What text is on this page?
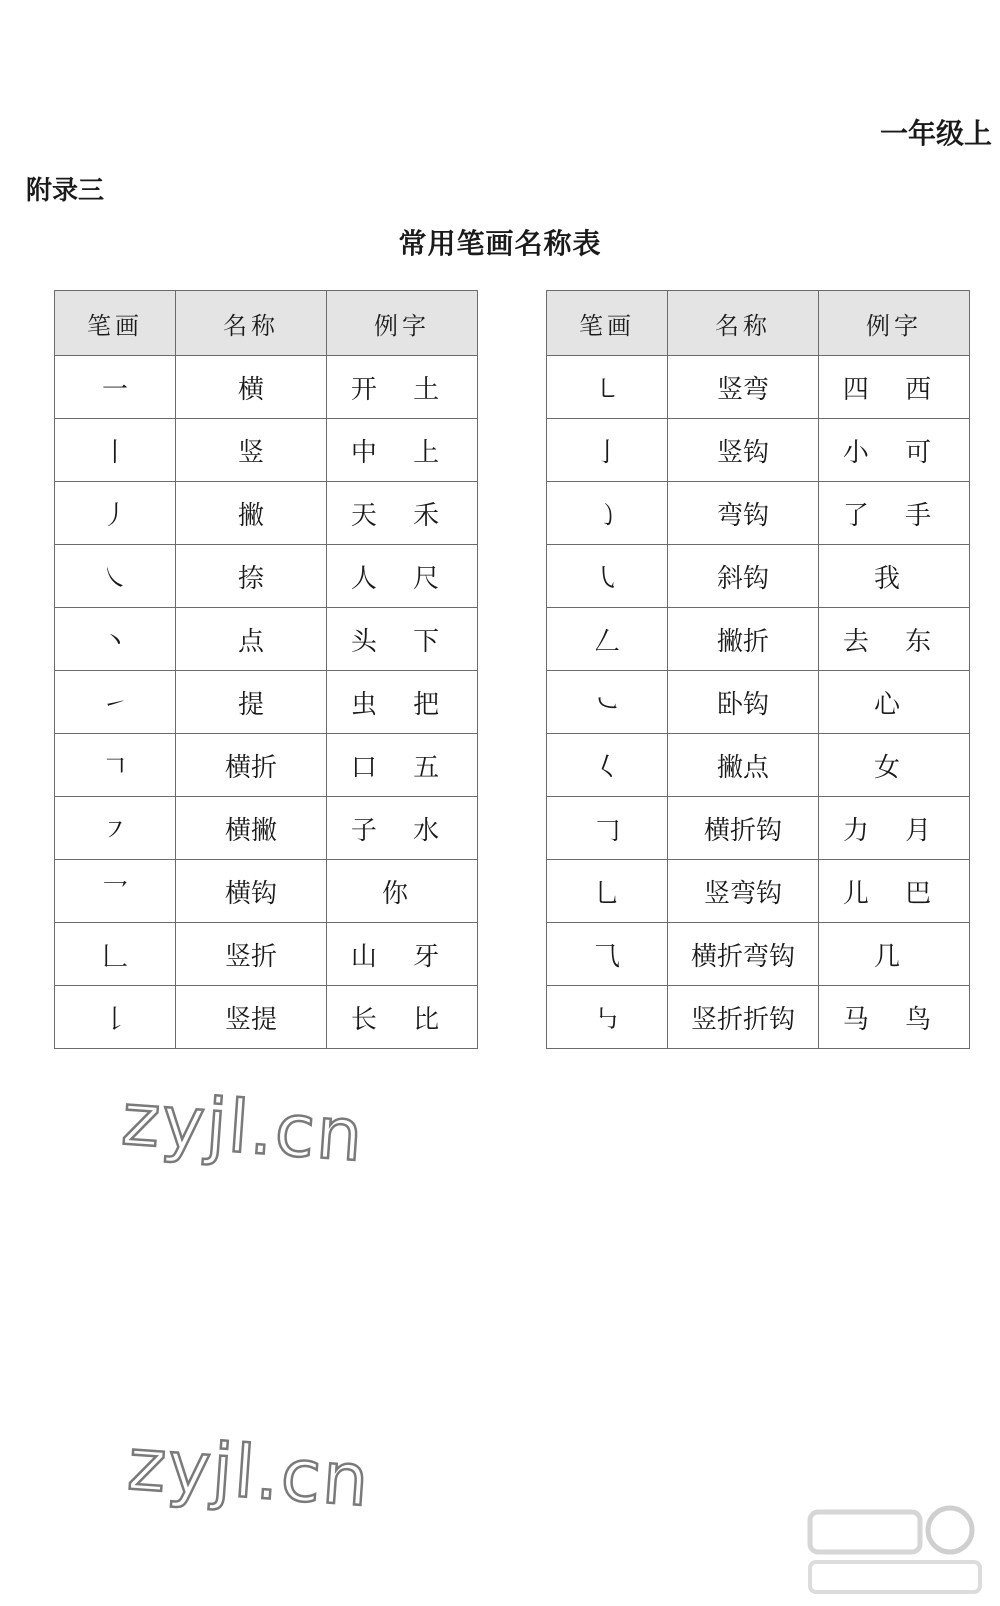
一年级上
附录三
常用笔画名称表
笔画	名称	例字
一	横	开 土
丨	竖	中 上
丿	撇	天 禾
㇏	捺	人 尺
丶	点	头 下
㇀	提	虫 把
𠃍	横折	口 五
㇇	横撇	子 水
乛	横钩	你
𠃊	竖折	山 牙
𠄌	竖提	长 比
笔画	名称	例字
㇄	竖弯	四 西
亅	竖钩	小 可
㇁	弯钩	了 手
㇂	斜钩	我
𠃋	撇折	去 东
㇃	卧钩	心
𡿨	撇点	女
𠃌	横折钩	力 月
乚	竖弯钩	儿 巴
⺄	横折弯钩	几
㇉	竖折折钩	马 鸟
zyjl.cn
zyjl.cn
